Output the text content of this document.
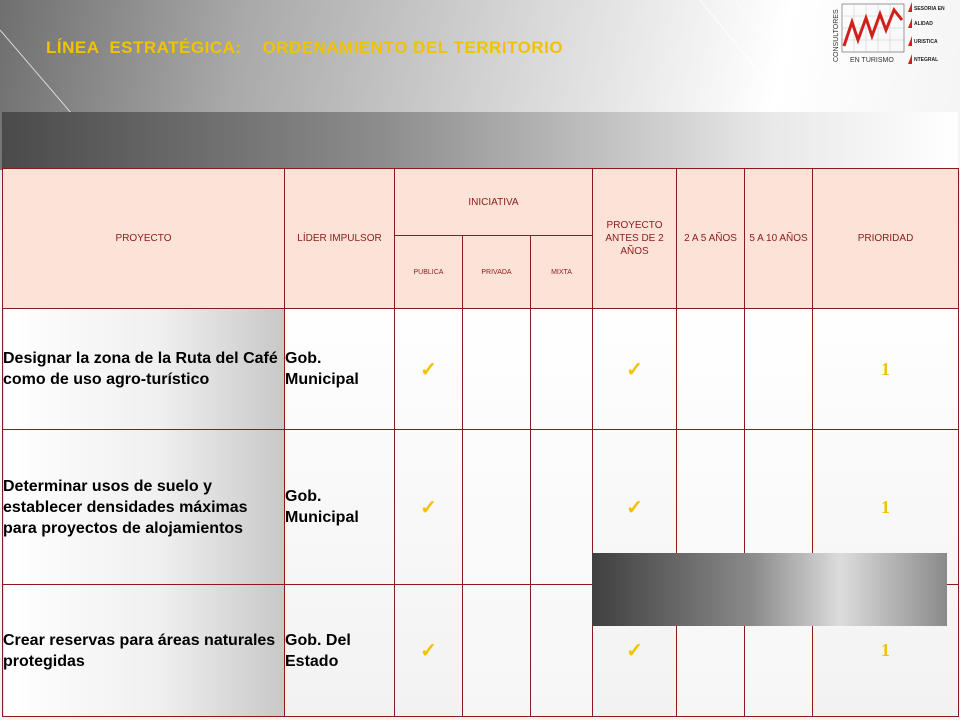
LÍNEA  ESTRATÉGICA:    ORDENAMIENTO DEL TERRITORIO	CONSULTORES EN TURISMO
SESORIA EN
ALIDAD
URISTICA
NTEGRAL
PROYECTO	LÍDER IMPULSOR	INICIATIVA			PROYECTO ANTES DE 2 AÑOS	2 A 5 AÑOS	5 A 10 AÑOS	PRIORIDAD
		PUBLICA	PRIVADA	MIXTA				
Designar la zona de la Ruta del Café como de uso agro-turístico	Gob. Municipal	✓			✓			1
Determinar usos de suelo y establecer densidades máximas para proyectos de alojamientos	Gob. Municipal	✓			✓			1
Crear reservas para áreas naturales protegidas	Gob. Del Estado	✓			✓			1
